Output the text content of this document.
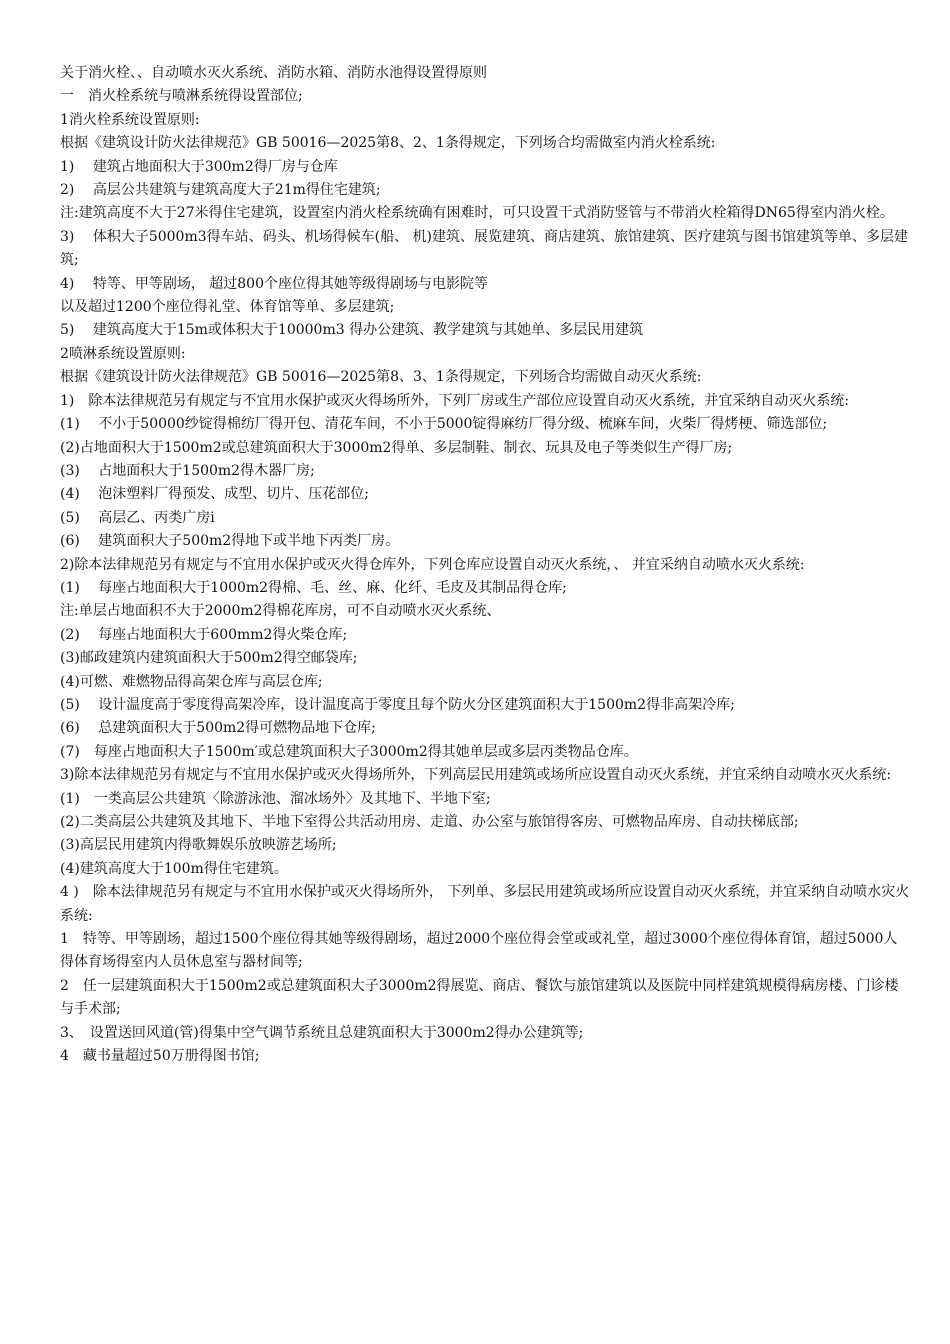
关于消火栓、、自动喷水灭火系统、消防水箱、消防水池得设置得原则
一　消火栓系统与喷淋系统得设置部位;
1消火栓系统设置原则:
根据《建筑设计防火法律规范》GB 50016—2025第8、2、1条得规定，下列场合均需做室内消火栓系统:
1)　 建筑占地面积大于300m2得厂房与仓库
2)　 高层公共建筑与建筑高度大子21m得住宅建筑;
注:建筑高度不大于27米得住宅建筑，设置室内消火栓系统确有困难时，可只设置干式消防竖管与不带消火栓箱得DN65得室内消火栓。
3)　 体积大子5000m3得车站、码头、机场得候车(船、 机)建筑、展览建筑、商店建筑、旅馆建筑、医疗建筑与图书馆建筑等单、多层建筑;
4)　 特等、甲等剧场， 超过800个座位得其她等级得剧场与电影院等
以及超过1200个座位得礼堂、体育馆等单、多层建筑;
5)　 建筑高度大于15m或体积大于10000m3 得办公建筑、教学建筑与其她单、多层民用建筑
2喷淋系统设置原则:
根据《建筑设计防火法律规范》GB 50016—2025第8、3、1条得规定，下列场合均需做自动灭火系统:
1)　除本法律规范另有规定与不宜用水保护或灭火得场所外，下列厂房或生产部位应设置自动灭火系统，并宜采纳自动灭火系统:
(1)　 不小于50000纱锭得棉纺厂得开包、清花车间，不小于5000锭得麻纺厂得分级、梳麻车间，火柴厂得烤梗、筛选部位;
(2)占地面积大于1500m2或总建筑面积大于3000m2得单、多层制鞋、制衣、玩具及电子等类似生产得厂房;
(3)　 占地面积大于1500m2得木器厂房;
(4)　 泡沫塑料厂得预发、成型、切片、压花部位;
(5)　 高层乙、丙类广房i
(6)　 建筑面积大子500m2得地下或半地下丙类厂房。
2)除本法律规范另有规定与不宜用水保护或灭火得仓库外，下列仓库应设置自动灭火系统，、 并宜采纳自动喷水灭火系统:
(1)　 每座占地面积大于1000m2得棉、毛、丝、麻、化纤、毛皮及其制品得仓库;
注:单层占地面积不大于2000m2得棉花库房，可不自动喷水灭火系统、
(2)　 每座占地面积大于600mm2得火柴仓库;
(3)邮政建筑内建筑面积大于500m2得空邮袋库;
(4)可燃、难燃物品得高架仓库与高层仓库;
(5)　 设计温度高于零度得高架冷库，设计温度高于零度且每个防火分区建筑面积大于1500m2得非高架冷库;
(6)　 总建筑面积大于500m2得可燃物品地下仓库;
(7)　每座占地面积大子1500m′或总建筑面积大子3000m2得其她单层或多层丙类物品仓库。
3)除本法律规范另有规定与不宜用水保护或灭火得场所外，下列高层民用建筑或场所应设置自动灭火系统，并宜采纳自动喷水灭火系统:
(1)　一类高层公共建筑〈除游泳池、溜冰场外〉及其地下、半地下室;
(2)二类高层公共建筑及其地下、半地下室得公共活动用房、走道、办公室与旅馆得客房、可燃物品库房、自动扶梯底部;
(3)高层民用建筑内得歌舞娱乐放映游艺场所;
(4)建筑高度大于100m得住宅建筑。
4 )　除本法律规范另有规定与不宜用水保护或灭火得场所外， 下列单、多层民用建筑或场所应设置自动灭火系统，并宜采纳自动喷水灾火系统:
1　特等、甲等剧场，超过1500个座位得其她等级得剧场，超过2000个座位得会堂或或礼堂，超过3000个座位得体育馆，超过5000人得体育场得室内人员休息室与器材间等;
2　任一层建筑面积大于1500m2或总建筑面积大子3000m2得展览、商店、餐饮与旅馆建筑以及医院中同样建筑规模得病房楼、门诊楼与手术部;
3、　设置送回风道(管)得集中空气调节系统且总建筑面积大于3000m2得办公建筑等;
4　藏书量超过50万册得图书馆;
